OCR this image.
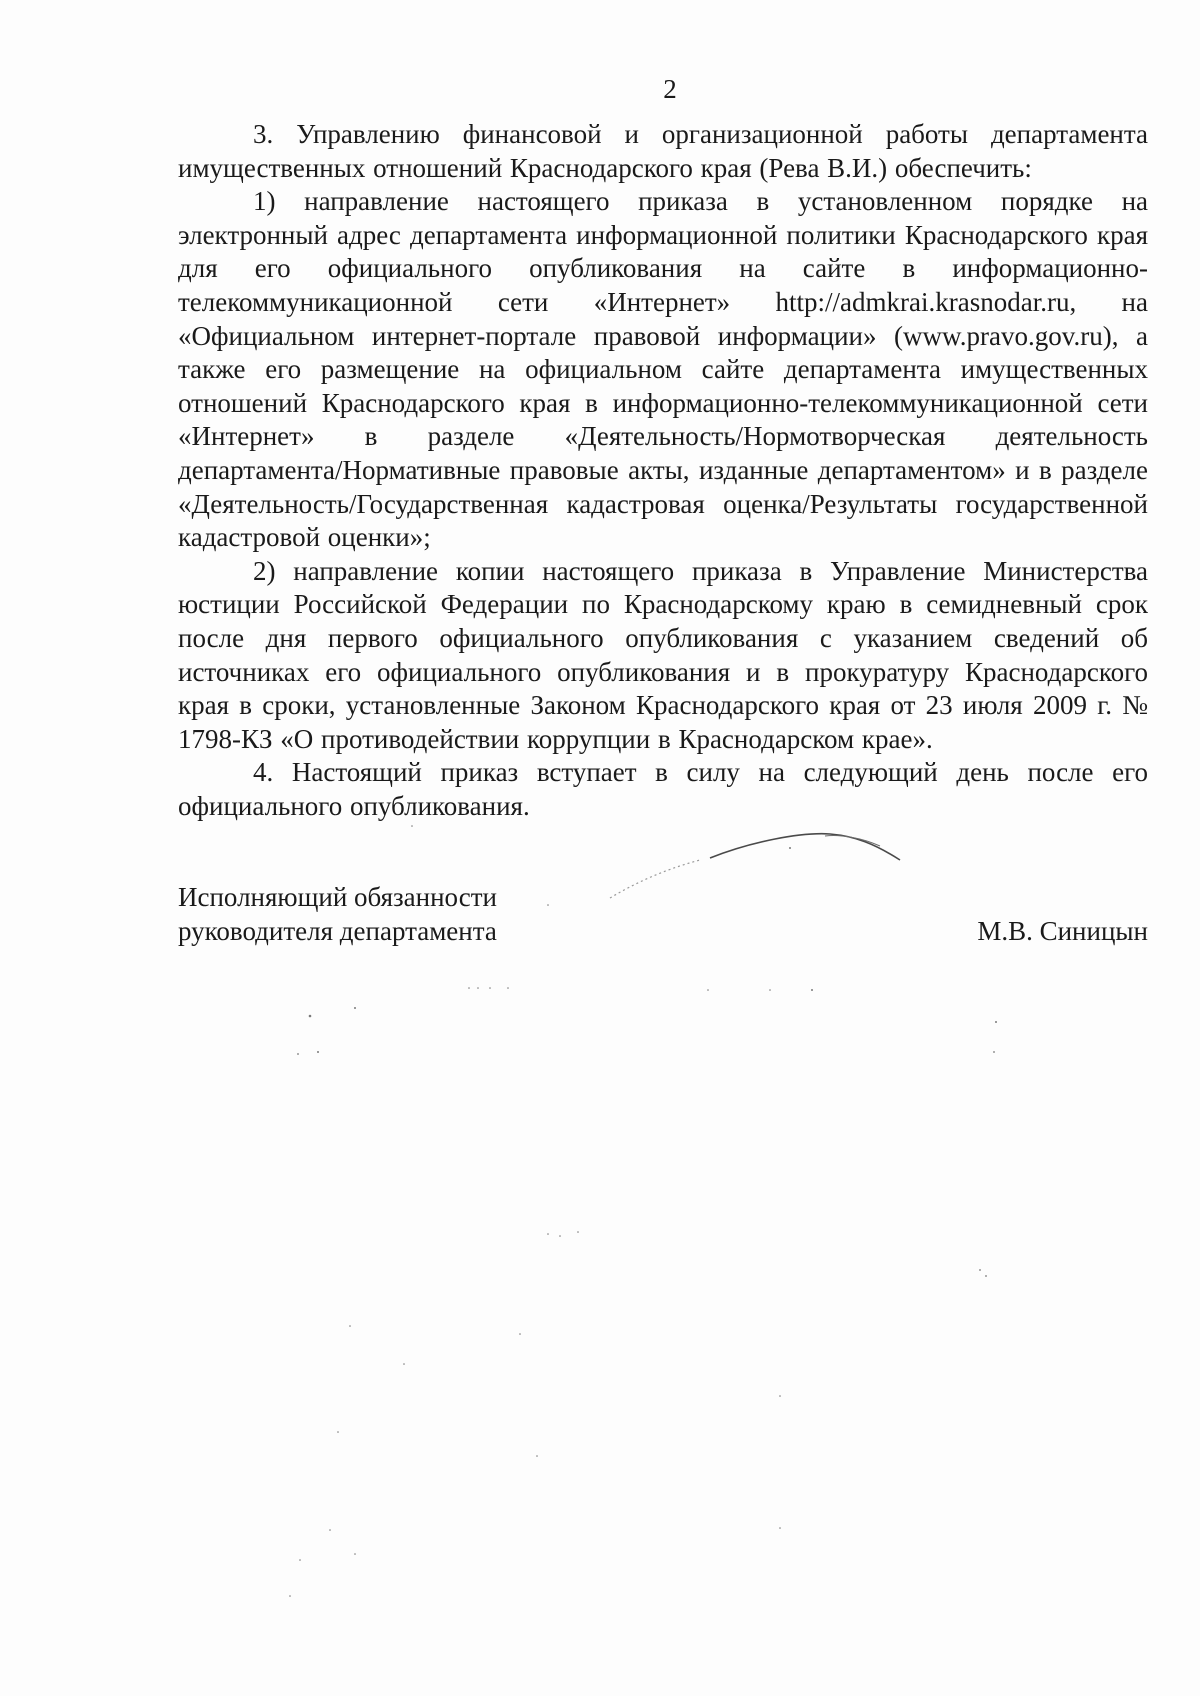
2

3. Управлению финансовой и организационной работы департамента имущественных отношений Краснодарского края (Рева В.И.) обеспечить:

1) направление настоящего приказа в установленном порядке на электронный адрес департамента информационной политики Краснодарского края для его официального опубликования на сайте в информационно-телекоммуникационной сети «Интернет» http://admkrai.krasnodar.ru, на «Официальном интернет-портале правовой информации» (www.pravo.gov.ru), а также его размещение на официальном сайте департамента имущественных отношений Краснодарского края в информационно-телекоммуникационной сети «Интернет» в разделе «Деятельность/Нормотворческая деятельность департамента/Нормативные правовые акты, изданные департаментом» и в разделе «Деятельность/Государственная кадастровая оценка/Результаты государственной кадастровой оценки»;

2) направление копии настоящего приказа в Управление Министерства юстиции Российской Федерации по Краснодарскому краю в семидневный срок после дня первого официального опубликования с указанием сведений об источниках его официального опубликования и в прокуратуру Краснодарского края в сроки, установленные Законом Краснодарского края от 23 июля 2009 г. № 1798-КЗ «О противодействии коррупции в Краснодарском крае».

4. Настоящий приказ вступает в силу на следующий день после его официального опубликования.

Исполняющий обязанности
руководителя департамента	М.В. Синицын
